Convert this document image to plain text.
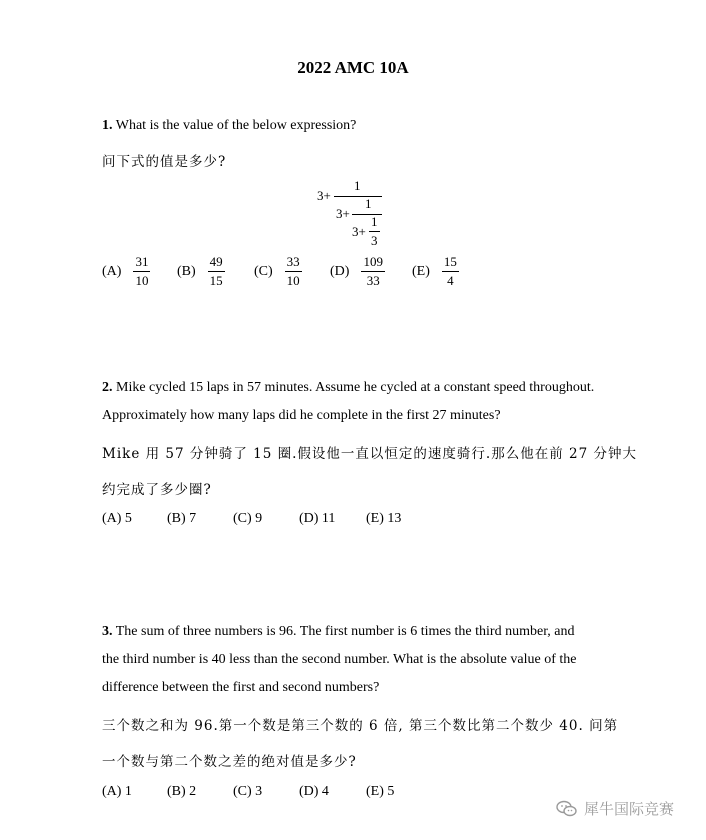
2022 AMC 10A
1. What is the value of the below expression?
问下式的值是多少?
3+
1
3+
1
3+
1
3
$(A) \frac{31}{10} (B) \frac{49}{15} (C) \frac{33}{10} (D) \frac{109}{33} (E) \frac{15}{4}$
2. Mike cycled 15 laps in 57 minutes. Assume he cycled at a constant speed throughout.
Approximately how many laps did he complete in the first 27 minutes?
Mike 用 57 分钟骑了 15 圈.假设他一直以恒定的速度骑行.那么他在前 27 分钟大
约完成了多少圈?
(A) 5	(B) 7	(C) 9	(D) 11 (E) 13
3. The sum of three numbers is 96. The first number is 6 times the third number, and
the third number is 40 less than the second number. What is the absolute value of the
difference between the first and second numbers?
三个数之和为 96.第一个数是第三个数的 6 倍, 第三个数比第二个数少 40. 问第
一个数与第二个数之差的绝对值是多少?
(A) 1	(B) 2	(C) 3	(D) 4	(E) 5
犀牛国际竞赛
